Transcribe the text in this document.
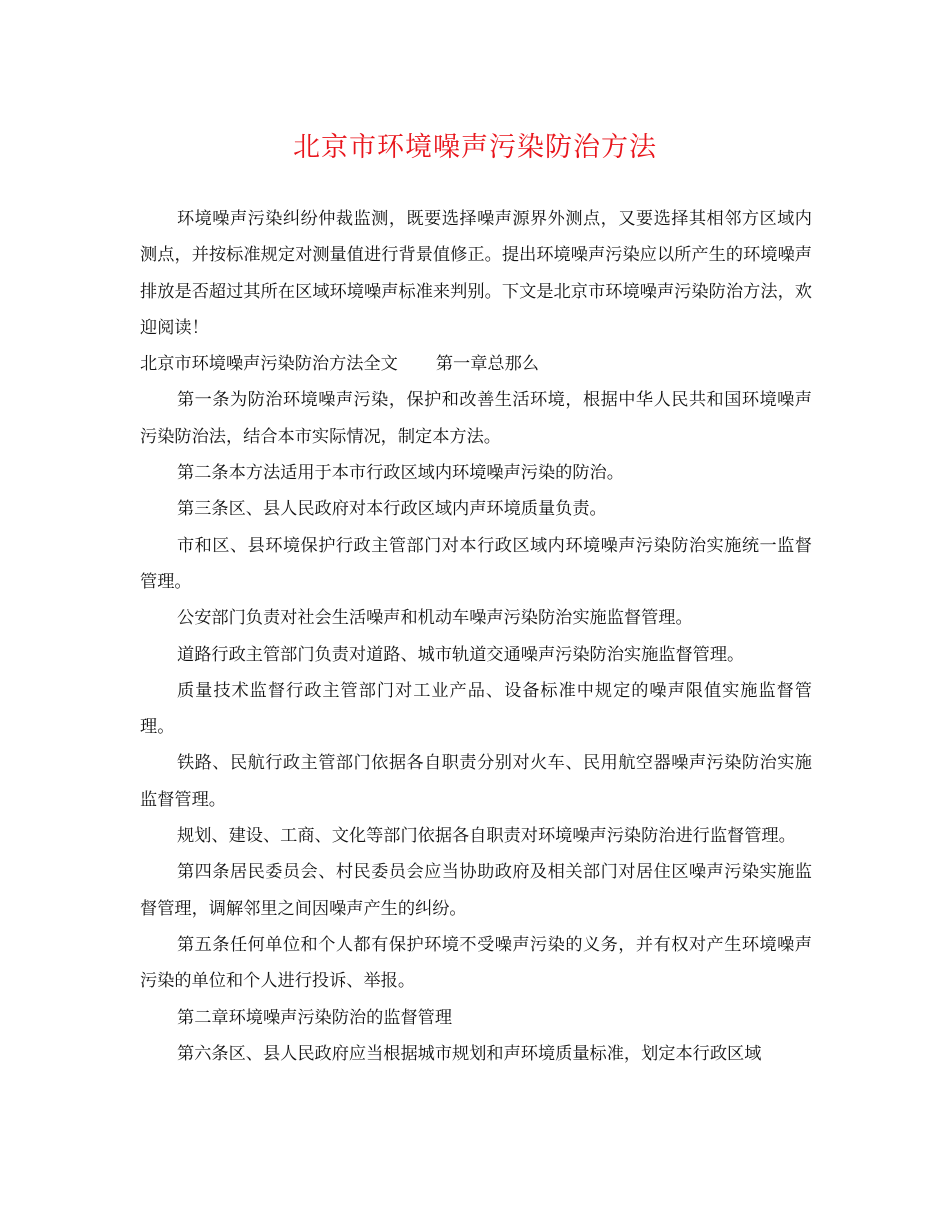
北京市环境噪声污染防治方法

环境噪声污染纠纷仲裁监测，既要选择噪声源界外测点，又要选择其相邻方区域内测点，并按标准规定对测量值进行背景值修正。提出环境噪声污染应以所产生的环境噪声排放是否超过其所在区域环境噪声标准来判别。下文是北京市环境噪声污染防治方法，欢迎阅读！

北京市环境噪声污染防治方法全文 第一章总那么

第一条为防治环境噪声污染，保护和改善生活环境，根据中华人民共和国环境噪声污染防治法，结合本市实际情况，制定本方法。

第二条本方法适用于本市行政区域内环境噪声污染的防治。

第三条区、县人民政府对本行政区域内声环境质量负责。

市和区、县环境保护行政主管部门对本行政区域内环境噪声污染防治实施统一监督管理。

公安部门负责对社会生活噪声和机动车噪声污染防治实施监督管理。

道路行政主管部门负责对道路、城市轨道交通噪声污染防治实施监督管理。

质量技术监督行政主管部门对工业产品、设备标准中规定的噪声限值实施监督管理。

铁路、民航行政主管部门依据各自职责分别对火车、民用航空器噪声污染防治实施监督管理。

规划、建设、工商、文化等部门依据各自职责对环境噪声污染防治进行监督管理。

第四条居民委员会、村民委员会应当协助政府及相关部门对居住区噪声污染实施监督管理，调解邻里之间因噪声产生的纠纷。

第五条任何单位和个人都有保护环境不受噪声污染的义务，并有权对产生环境噪声污染的单位和个人进行投诉、举报。

第二章环境噪声污染防治的监督管理

第六条区、县人民政府应当根据城市规划和声环境质量标准，划定本行政区域
